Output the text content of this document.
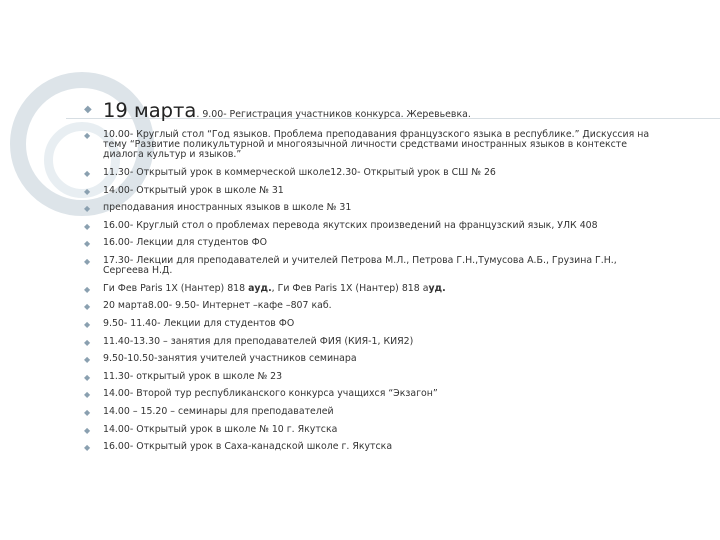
◆ 19 марта. 9.00- Регистрация участников конкурса. Жеревьевка.
◆ 10.00- Круглый стол “Год языков. Проблема преподавания французского языка в республике.” Дискуссия на тему “Развитие поликультурной и многоязычной личности средствами иностранных языков в контексте диалога культур и языков.”
◆ 11.30- Открытый урок в коммерческой школе12.30- Открытый урок в СШ № 26
◆ 14.00- Открытый урок в школе № 31
◆ преподавания иностранных языков в школе № 31
◆ 16.00- Круглый стол о проблемах перевода якутских произведений на французский язык, УЛК 408
◆ 16.00- Лекции для студентов ФО
◆ 17.30- Лекции для преподавателей и учителей Петрова М.Л., Петрова Г.Н.,Тумусова А.Б., Грузина Г.Н., Сергеева Н.Д.
◆ Ги Фев Paris 1X (Нантер) 818 ауд., Ги Фев Paris 1X (Нантер) 818 ауд.
◆ 20 марта8.00- 9.50- Интернет –кафе –807 каб.
◆ 9.50- 11.40- Лекции для студентов ФО
◆ 11.40-13.30 – занятия для преподавателей ФИЯ (КИЯ-1, КИЯ2)
◆ 9.50-10.50-занятия учителей участников семинара
◆ 11.30- открытый урок в школе № 23
◆ 14.00- Второй тур республиканского конкурса учащихся “Экзагон”
◆ 14.00 – 15.20 – семинары для преподавателей
◆ 14.00- Открытый урок в школе № 10 г. Якутска
◆ 16.00- Открытый урок в Саха-канадской школе г. Якутска
